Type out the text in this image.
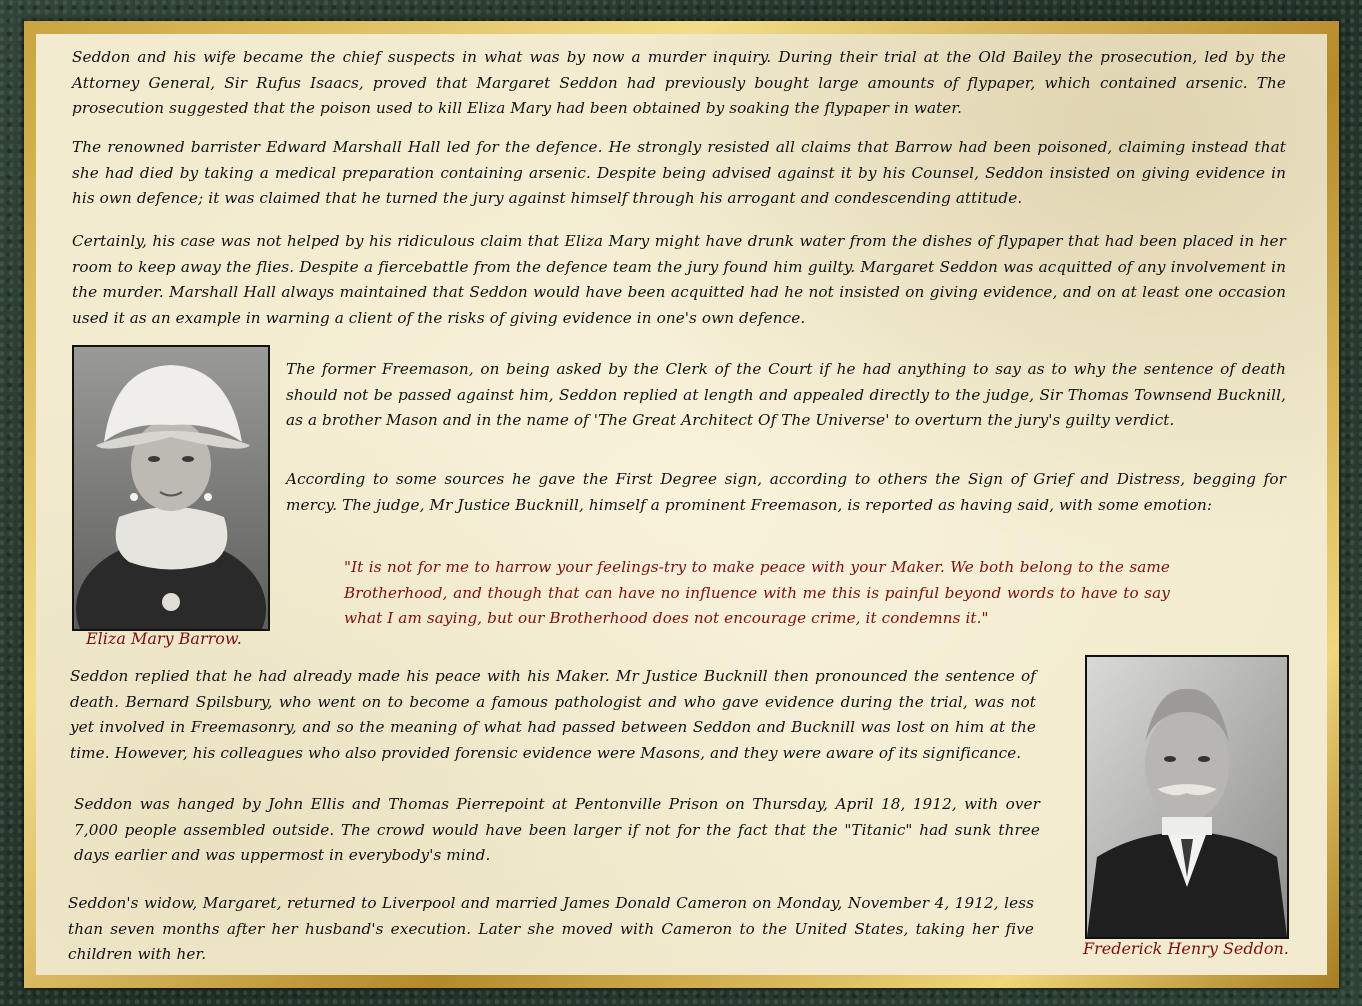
Seddon and his wife became the chief suspects in what was by now a murder inquiry. During their trial at the Old Bailey the prosecution, led by the Attorney General, Sir Rufus Isaacs, proved that Margaret Seddon had previously bought large amounts of flypaper, which contained arsenic. The prosecution suggested that the poison used to kill Eliza Mary had been obtained by soaking the flypaper in water.

The renowned barrister Edward Marshall Hall led for the defence. He strongly resisted all claims that Barrow had been poisoned, claiming instead that she had died by taking a medical preparation containing arsenic. Despite being advised against it by his Counsel, Seddon insisted on giving evidence in his own defence; it was claimed that he turned the jury against himself through his arrogant and condescending attitude.

Certainly, his case was not helped by his ridiculous claim that Eliza Mary might have drunk water from the dishes of flypaper that had been placed in her room to keep away the flies. Despite a fiercebattle from the defence team the jury found him guilty. Margaret Seddon was acquitted of any involvement in the murder. Marshall Hall always maintained that Seddon would have been acquitted had he not insisted on giving evidence, and on at least one occasion used it as an example in warning a client of the risks of giving evidence in one's own defence.

Eliza Mary Barrow.

The former Freemason, on being asked by the Clerk of the Court if he had anything to say as to why the sentence of death should not be passed against him, Seddon replied at length and appealed directly to the judge, Sir Thomas Townsend Bucknill, as a brother Mason and in the name of 'The Great Architect Of The Universe' to overturn the jury's guilty verdict.

According to some sources he gave the First Degree sign, according to others the Sign of Grief and Distress, begging for mercy. The judge, Mr Justice Bucknill, himself a prominent Freemason, is reported as having said, with some emotion:

"It is not for me to harrow your feelings-try to make peace with your Maker. We both belong to the same Brotherhood, and though that can have no influence with me this is painful beyond words to have to say what I am saying, but our Brotherhood does not encourage crime, it condemns it."

Seddon replied that he had already made his peace with his Maker. Mr Justice Bucknill then pronounced the sentence of death. Bernard Spilsbury, who went on to become a famous pathologist and who gave evidence during the trial, was not yet involved in Freemasonry, and so the meaning of what had passed between Seddon and Bucknill was lost on him at the time. However, his colleagues who also provided forensic evidence were Masons, and they were aware of its significance.

Seddon was hanged by John Ellis and Thomas Pierrepoint at Pentonville Prison on Thursday, April 18, 1912, with over 7,000 people assembled outside. The crowd would have been larger if not for the fact that the "Titanic" had sunk three days earlier and was uppermost in everybody's mind.

Seddon's widow, Margaret, returned to Liverpool and married James Donald Cameron on Monday, November 4, 1912, less than seven months after her husband's execution. Later she moved with Cameron to the United States, taking her five children with her.	Frederick Henry Seddon.
